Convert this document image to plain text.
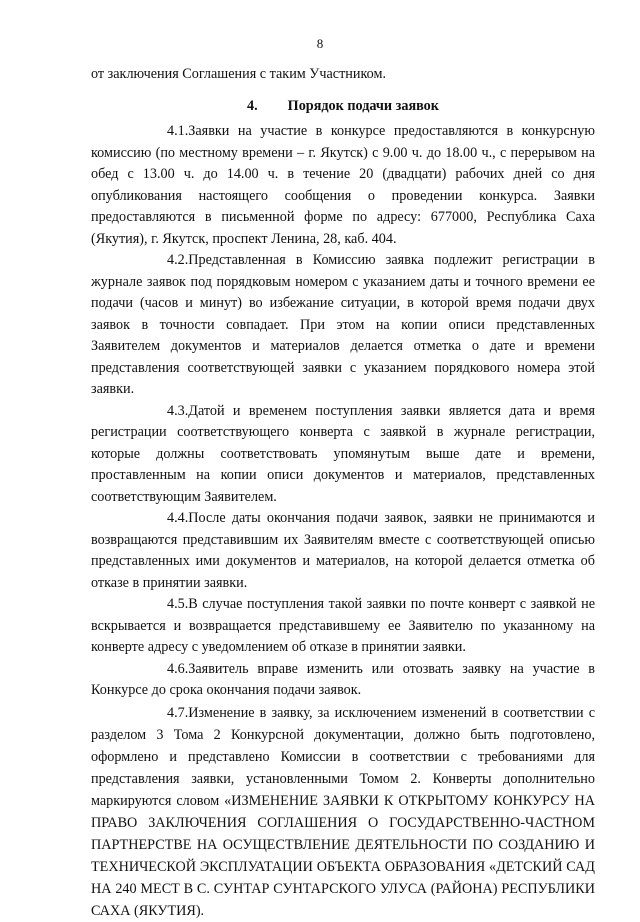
8

от заключения Соглашения с таким Участником.

4. Порядок подачи заявок

4.1.Заявки на участие в конкурсе предоставляются в конкурсную комиссию (по местному времени – г. Якутск) с 9.00 ч. до 18.00 ч., с перерывом на обед с 13.00 ч. до 14.00 ч. в течение 20 (двадцати) рабочих дней со дня опубликования настоящего сообщения о проведении конкурса. Заявки предоставляются в письменной форме по адресу: 677000, Республика Саха (Якутия), г. Якутск, проспект Ленина, 28, каб. 404.

4.2.Представленная в Комиссию заявка подлежит регистрации в журнале заявок под порядковым номером с указанием даты и точного времени ее подачи (часов и минут) во избежание ситуации, в которой время подачи двух заявок в точности совпадает. При этом на копии описи представленных Заявителем документов и материалов делается отметка о дате и времени представления соответствующей заявки с указанием порядкового номера этой заявки.

4.3.Датой и временем поступления заявки является дата и время регистрации соответствующего конверта с заявкой в журнале регистрации, которые должны соответствовать упомянутым выше дате и времени, проставленным на копии описи документов и материалов, представленных соответствующим Заявителем.

4.4.После даты окончания подачи заявок, заявки не принимаются и возвращаются представившим их Заявителям вместе с соответствующей описью представленных ими документов и материалов, на которой делается отметка об отказе в принятии заявки.

4.5.В случае поступления такой заявки по почте конверт с заявкой не вскрывается и возвращается представившему ее Заявителю по указанному на конверте адресу с уведомлением об отказе в принятии заявки.

4.6.Заявитель вправе изменить или отозвать заявку на участие в Конкурсе до срока окончания подачи заявок.

4.7.Изменение в заявку, за исключением изменений в соответствии с разделом 3 Тома 2 Конкурсной документации, должно быть подготовлено, оформлено и представлено Комиссии в соответствии с требованиями для представления заявки, установленными Томом 2. Конверты дополнительно маркируются словом «ИЗМЕНЕНИЕ ЗАЯВКИ К ОТКРЫТОМУ КОНКУРСУ НА ПРАВО ЗАКЛЮЧЕНИЯ СОГЛАШЕНИЯ О ГОСУДАРСТВЕННО-ЧАСТНОМ ПАРТНЕРСТВЕ НА ОСУЩЕСТВЛЕНИЕ ДЕЯТЕЛЬНОСТИ ПО СОЗДАНИЮ И ТЕХНИЧЕСКОЙ ЭКСПЛУАТАЦИИ ОБЪЕКТА ОБРАЗОВАНИЯ «ДЕТСКИЙ САД НА 240 МЕСТ В С. СУНТАР СУНТАРСКОГО УЛУСА (РАЙОНА) РЕСПУБЛИКИ САХА (ЯКУТИЯ).
